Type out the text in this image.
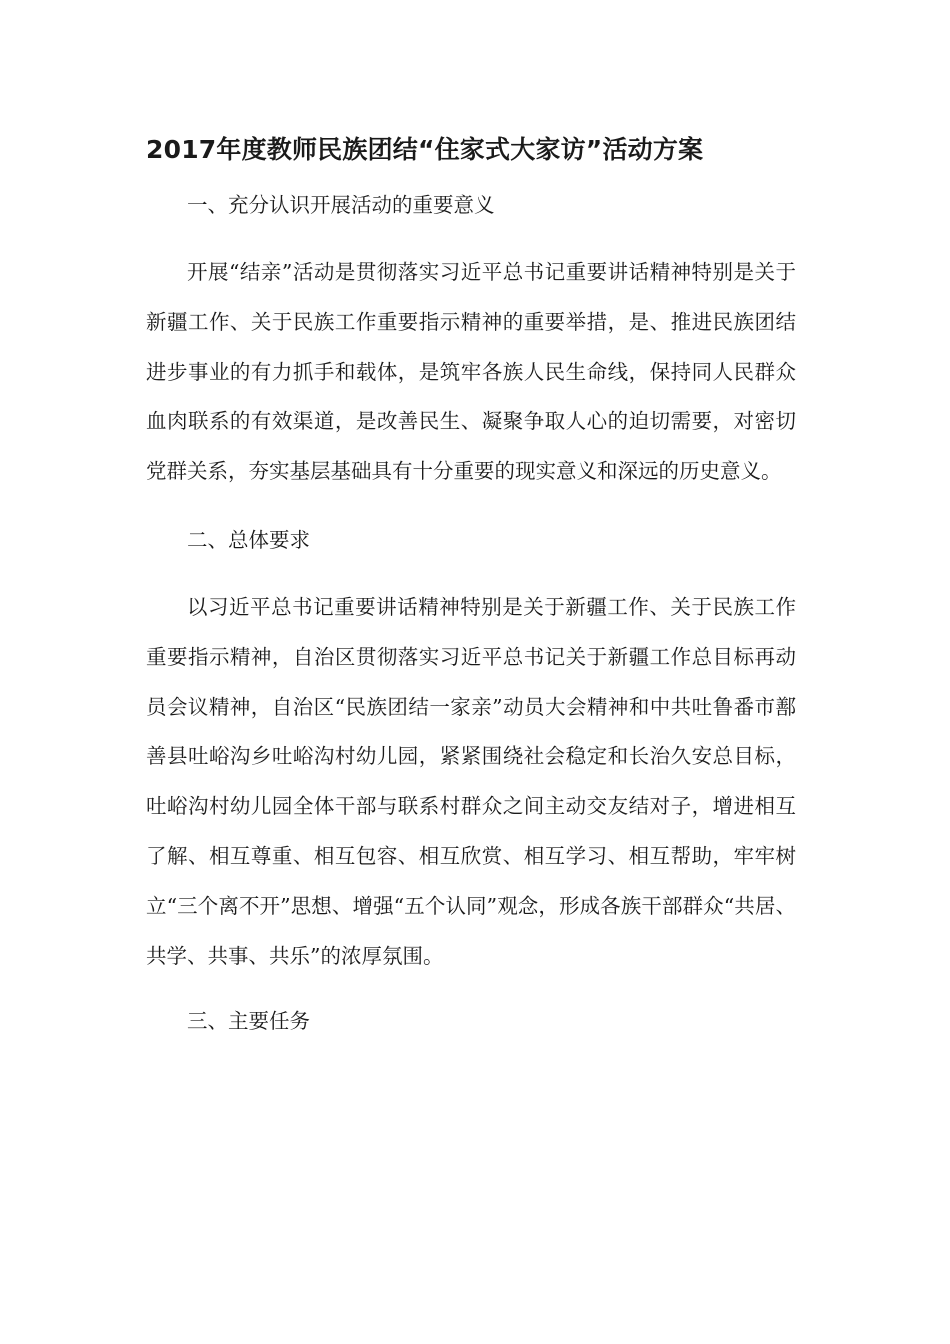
2017年度教师民族团结“住家式大家访”活动方案
一、充分认识开展活动的重要意义

开展“结亲”活动是贯彻落实习近平总书记重要讲话精神特别是关于新疆工作、关于民族工作重要指示精神的重要举措，是、推进民族团结进步事业的有力抓手和载体，是筑牢各族人民生命线，保持同人民群众血肉联系的有效渠道，是改善民生、凝聚争取人心的迫切需要，对密切党群关系，夯实基层基础具有十分重要的现实意义和深远的历史意义。

二、总体要求

以习近平总书记重要讲话精神特别是关于新疆工作、关于民族工作重要指示精神，自治区贯彻落实习近平总书记关于新疆工作总目标再动员会议精神，自治区“民族团结一家亲”动员大会精神和中共吐鲁番市鄯善县吐峪沟乡吐峪沟村幼儿园，紧紧围绕社会稳定和长治久安总目标，吐峪沟村幼儿园全体干部与联系村群众之间主动交友结对子，增进相互了解、相互尊重、相互包容、相互欣赏、相互学习、相互帮助，牢牢树立“三个离不开”思想、增强“五个认同”观念，形成各族干部群众“共居、共学、共事、共乐”的浓厚氛围。

三、主要任务
